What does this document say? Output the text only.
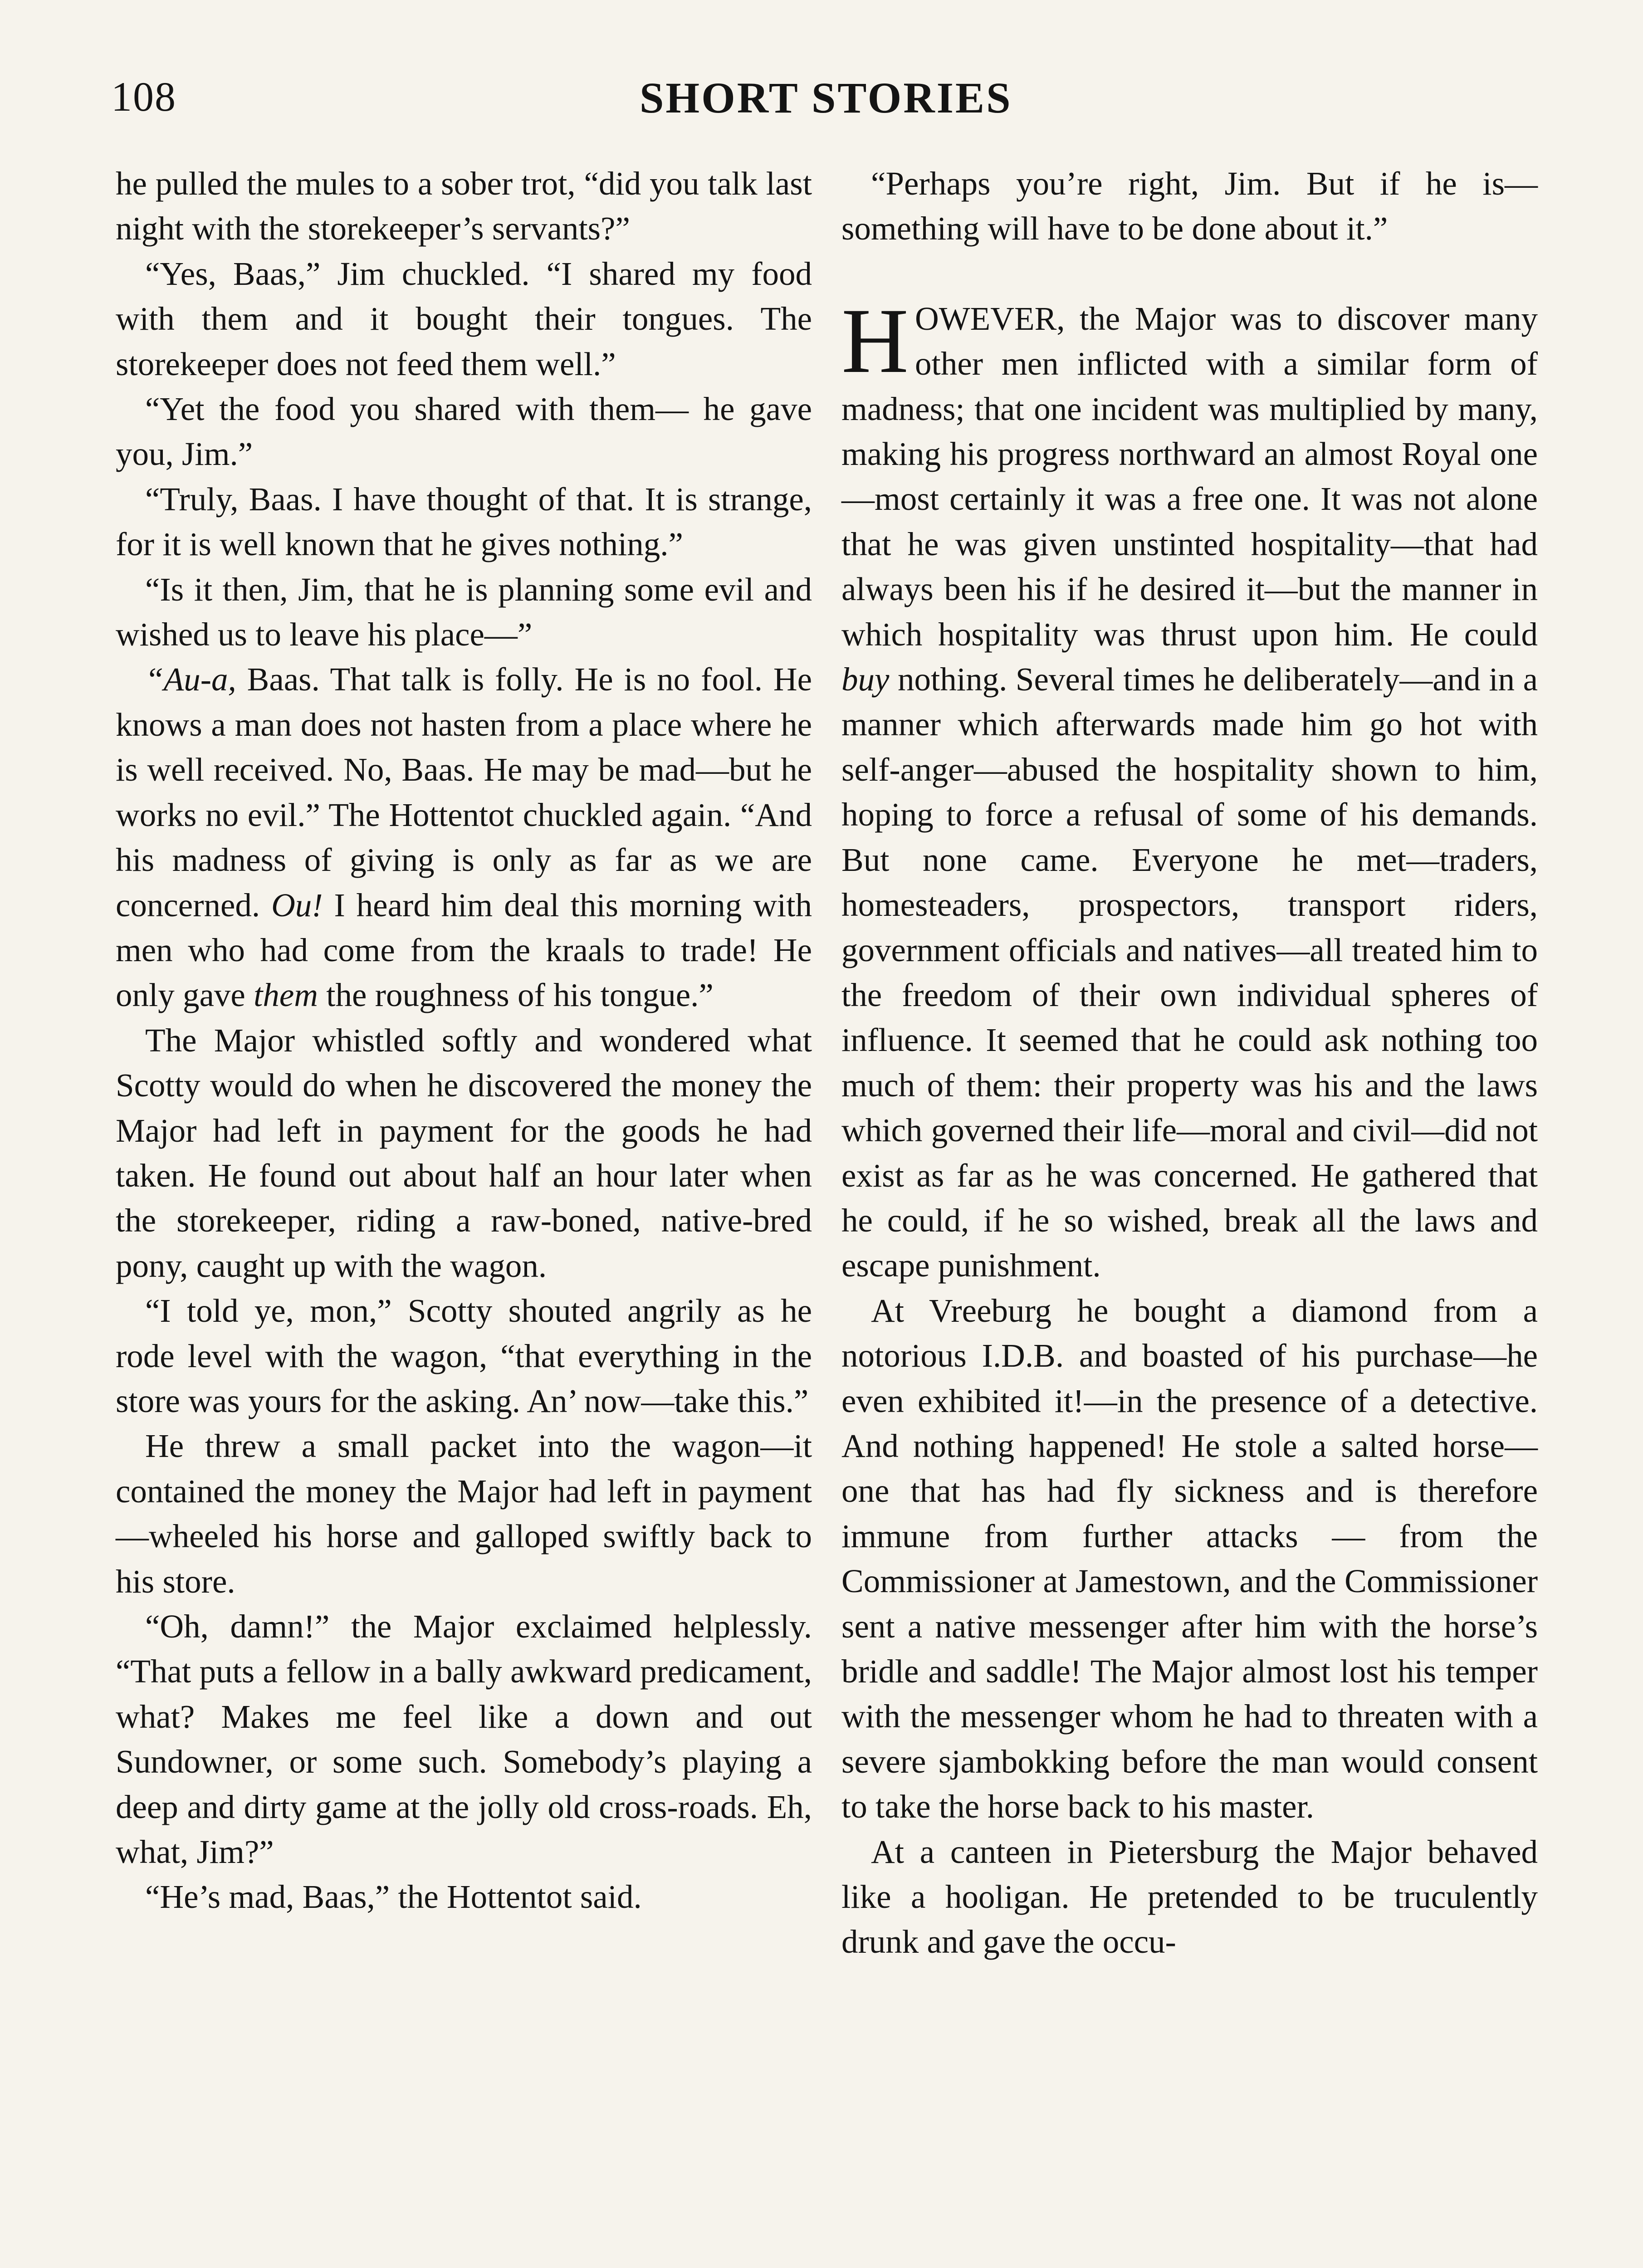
108	SHORT STORIES

he pulled the mules to a sober trot, “did you talk last night with the storekeeper’s servants?”

“Yes, Baas,” Jim chuckled. “I shared my food with them and it bought their tongues. The storekeeper does not feed them well.”

“Yet the food you shared with them— he gave you, Jim.”

“Truly, Baas. I have thought of that. It is strange, for it is well known that he gives nothing.”

“Is it then, Jim, that he is planning some evil and wished us to leave his place—”

“Au-a, Baas. That talk is folly. He is no fool. He knows a man does not hasten from a place where he is well received. No, Baas. He may be mad—but he works no evil.” The Hottentot chuckled again. “And his madness of giving is only as far as we are concerned. Ou! I heard him deal this morning with men who had come from the kraals to trade! He only gave them the roughness of his tongue.”

The Major whistled softly and wondered what Scotty would do when he discovered the money the Major had left in payment for the goods he had taken. He found out about half an hour later when the storekeeper, riding a raw-boned, native-bred pony, caught up with the wagon.

“I told ye, mon,” Scotty shouted angrily as he rode level with the wagon, “that everything in the store was yours for the asking. An’ now—take this.”

He threw a small packet into the wagon—it contained the money the Major had left in payment—wheeled his horse and galloped swiftly back to his store.

“Oh, damn!” the Major exclaimed helplessly. “That puts a fellow in a bally awkward predicament, what? Makes me feel like a down and out Sundowner, or some such. Somebody’s playing a deep and dirty game at the jolly old cross-roads. Eh, what, Jim?”

“He’s mad, Baas,” the Hottentot said.

“Perhaps you’re right, Jim. But if he is—something will have to be done about it.”

HOWEVER, the Major was to discover many other men inflicted with a similar form of madness; that one incident was multiplied by many, making his progress northward an almost Royal one—most certainly it was a free one. It was not alone that he was given unstinted hospitality—that had always been his if he desired it—but the manner in which hospitality was thrust upon him. He could buy nothing. Several times he deliberately—and in a manner which afterwards made him go hot with self-anger—abused the hospitality shown to him, hoping to force a refusal of some of his demands. But none came. Everyone he met—traders, homesteaders, prospectors, transport riders, government officials and natives—all treated him to the freedom of their own individual spheres of influence. It seemed that he could ask nothing too much of them: their property was his and the laws which governed their life—moral and civil—did not exist as far as he was concerned. He gathered that he could, if he so wished, break all the laws and escape punishment.

At Vreeburg he bought a diamond from a notorious I.D.B. and boasted of his purchase—he even exhibited it!—in the presence of a detective. And nothing happened! He stole a salted horse—one that has had fly sickness and is therefore immune from further attacks — from the Commissioner at Jamestown, and the Commissioner sent a native messenger after him with the horse’s bridle and saddle! The Major almost lost his temper with the messenger whom he had to threaten with a severe sjambokking before the man would consent to take the horse back to his master.

At a canteen in Pietersburg the Major behaved like a hooligan. He pretended to be truculently drunk and gave the occu-
